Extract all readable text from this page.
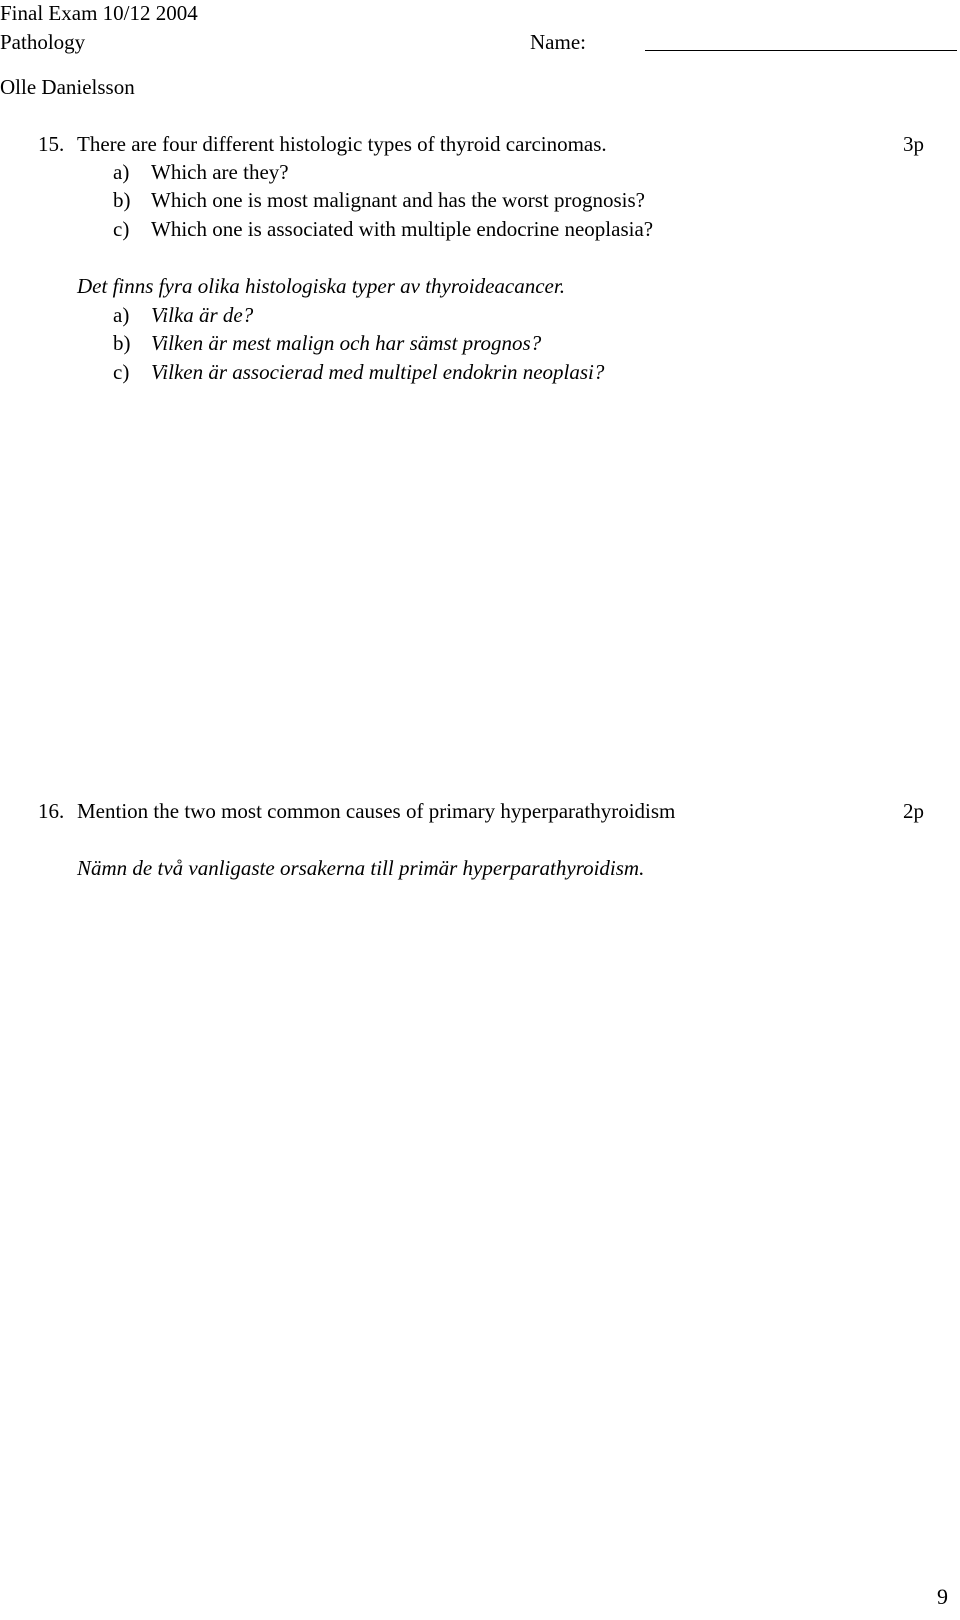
Final Exam 10/12 2004
Pathology	Name:
Olle Danielsson
15. There are four different histologic types of thyroid carcinomas.	3p
a) Which are they?
b) Which one is most malignant and has the worst prognosis?
c) Which one is associated with multiple endocrine neoplasia?
Det finns fyra olika histologiska typer av thyroideacancer.
a) Vilka är de?
b) Vilken är mest malign och har sämst prognos?
c) Vilken är associerad med multipel endokrin neoplasi?
16. Mention the two most common causes of primary hyperparathyroidism	2p
Nämn de två vanligaste orsakerna till primär hyperparathyroidism.
9
